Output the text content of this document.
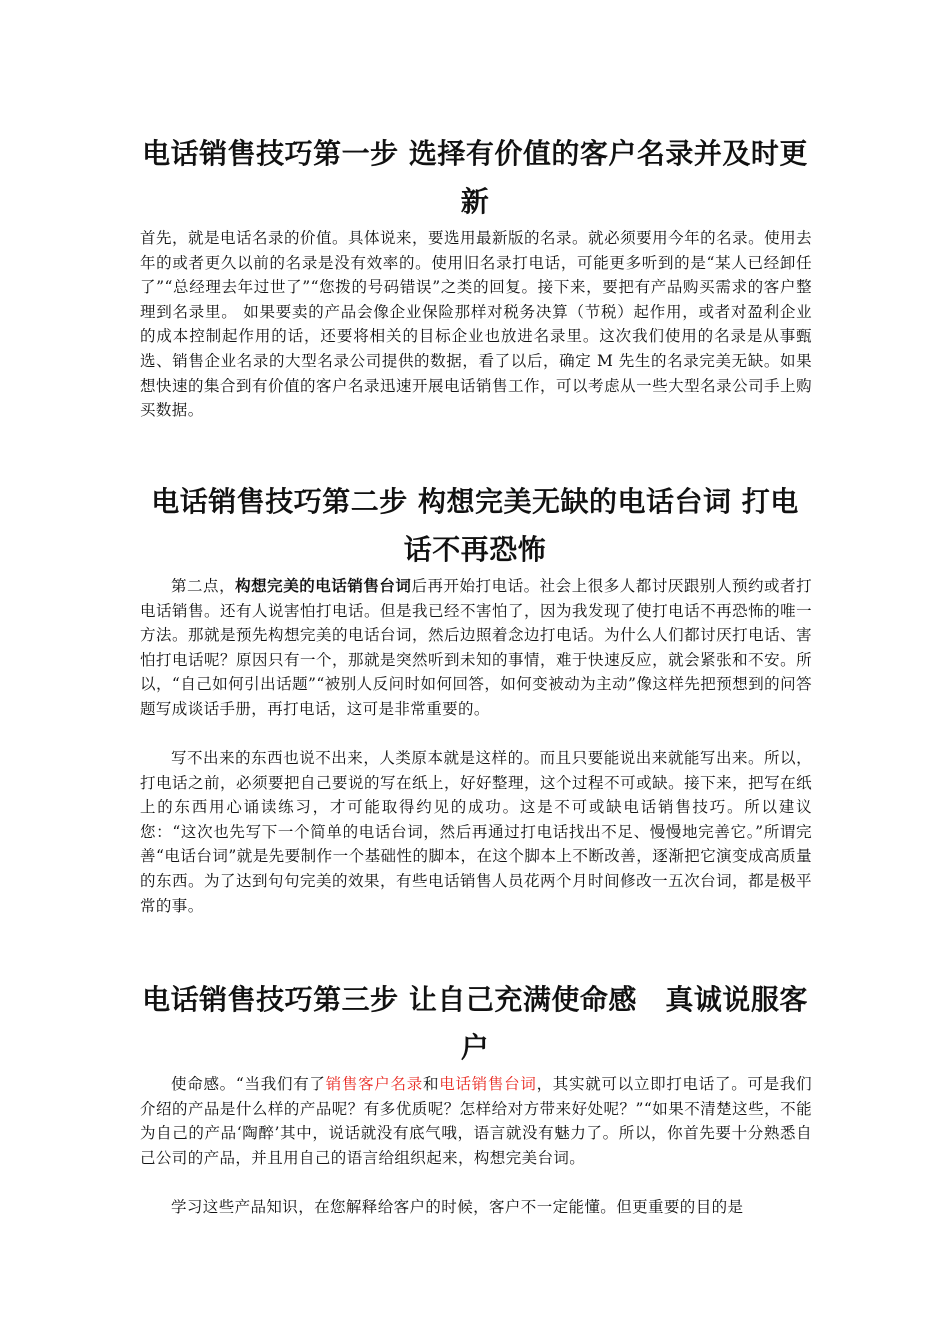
电话销售技巧第一步 选择有价值的客户名录并及时更新

首先，就是电话名录的价值。具体说来，要选用最新版的名录。就必须要用今年的名录。使用去年的或者更久以前的名录是没有效率的。使用旧名录打电话，可能更多听到的是“某人已经卸任了”“总经理去年过世了”“您拨的号码错误”之类的回复。接下来，要把有产品购买需求的客户整理到名录里。 如果要卖的产品会像企业保险那样对税务决算（节税）起作用，或者对盈利企业的成本控制起作用的话，还要将相关的目标企业也放进名录里。这次我们使用的名录是从事甄选、销售企业名录的大型名录公司提供的数据，看了以后，确定 M 先生的名录完美无缺。如果想快速的集合到有价值的客户名录迅速开展电话销售工作，可以考虑从一些大型名录公司手上购买数据。

电话销售技巧第二步 构想完美无缺的电话台词 打电话不再恐怖

第二点，构想完美的电话销售台词后再开始打电话。社会上很多人都讨厌跟别人预约或者打电话销售。还有人说害怕打电话。但是我已经不害怕了，因为我发现了使打电话不再恐怖的唯一方法。那就是预先构想完美的电话台词，然后边照着念边打电话。为什么人们都讨厌打电话、害怕打电话呢？原因只有一个，那就是突然听到未知的事情，难于快速反应，就会紧张和不安。所以，“自己如何引出话题”“被别人反问时如何回答，如何变被动为主动”像这样先把预想到的问答题写成谈话手册，再打电话，这可是非常重要的。

写不出来的东西也说不出来，人类原本就是这样的。而且只要能说出来就能写出来。所以，打电话之前，必须要把自己要说的写在纸上，好好整理，这个过程不可或缺。接下来，把写在纸上的东西用心诵读练习，才可能取得约见的成功。这是不可或缺电话销售技巧。所以建议您：“这次也先写下一个简单的电话台词，然后再通过打电话找出不足、慢慢地完善它。”所谓完善“电话台词”就是先要制作一个基础性的脚本，在这个脚本上不断改善，逐渐把它演变成高质量的东西。为了达到句句完美的效果，有些电话销售人员花两个月时间修改一五次台词，都是极平常的事。

电话销售技巧第三步 让自己充满使命感　真诚说服客户

使命感。“当我们有了销售客户名录和电话销售台词，其实就可以立即打电话了。可是我们介绍的产品是什么样的产品呢？有多优质呢？怎样给对方带来好处呢？”“如果不清楚这些，不能为自己的产品‘陶醉’其中，说话就没有底气哦，语言就没有魅力了。所以，你首先要十分熟悉自己公司的产品，并且用自己的语言给组织起来，构想完美台词。

学习这些产品知识，在您解释给客户的时候，客户不一定能懂。但更重要的目的是
